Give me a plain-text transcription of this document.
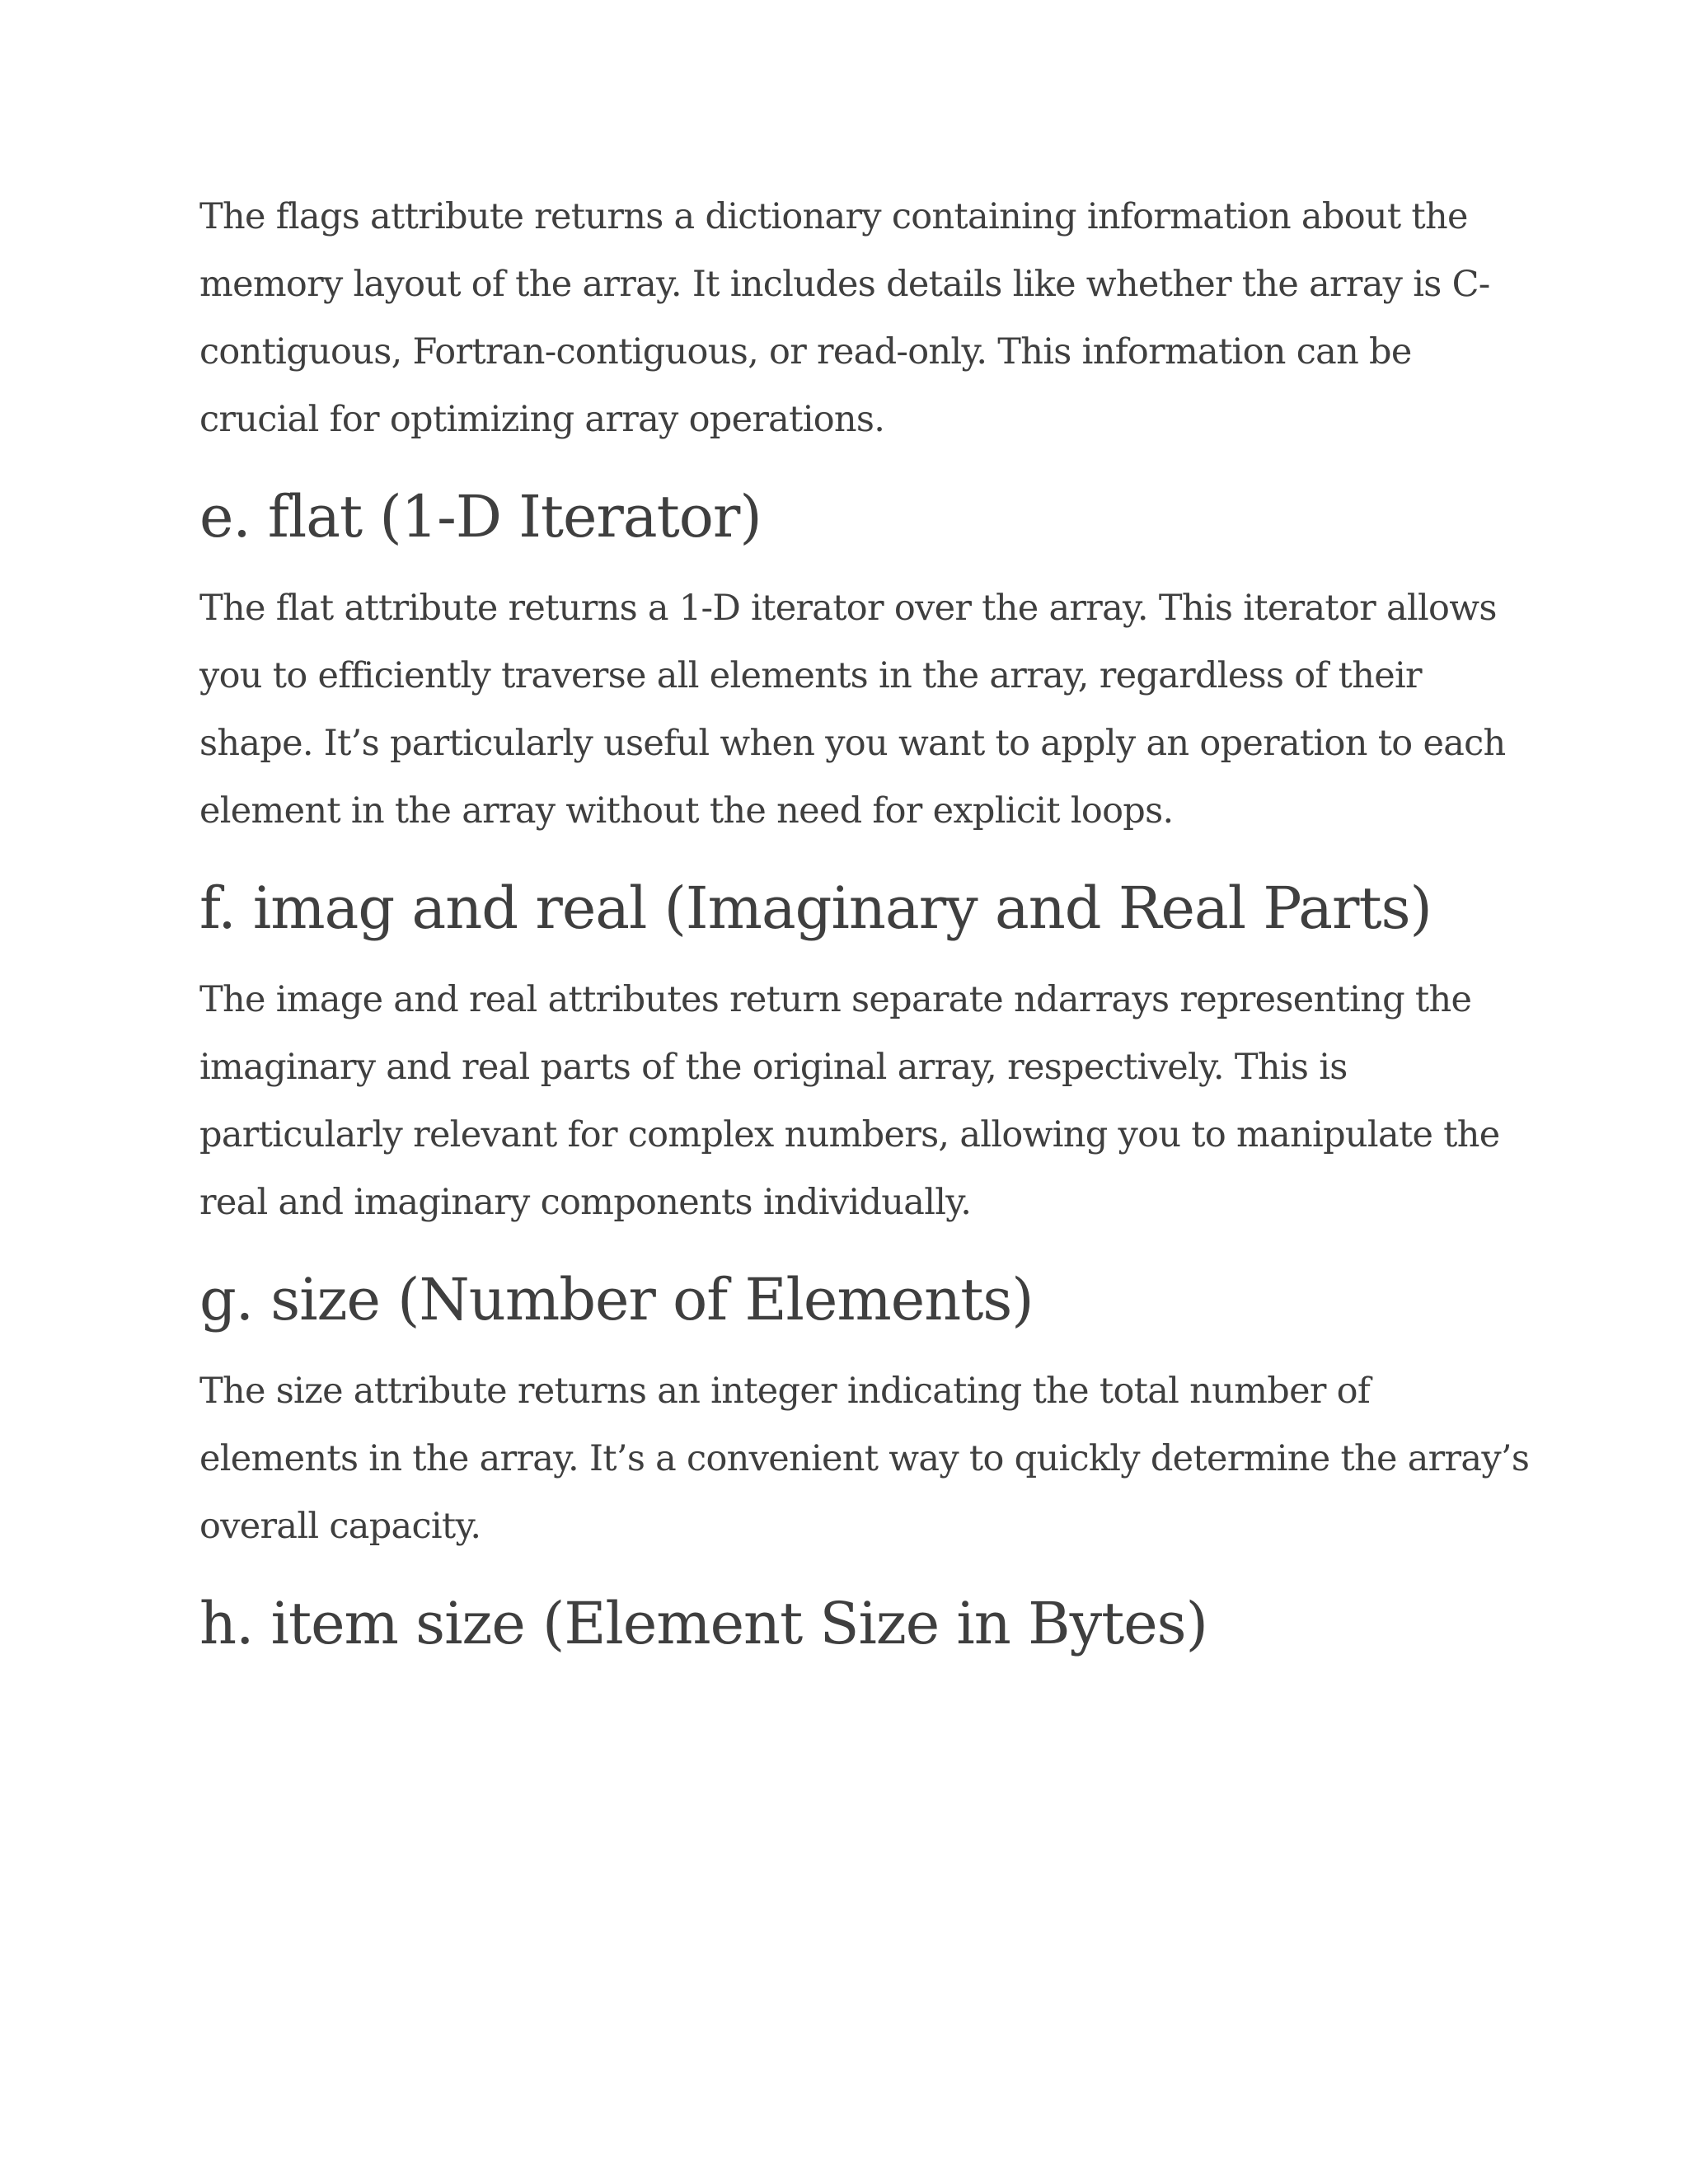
The flags attribute returns a dictionary containing information about the memory layout of the array. It includes details like whether the array is C-contiguous, Fortran-contiguous, or read-only. This information can be crucial for optimizing array operations.

e. flat (1-D Iterator)

The flat attribute returns a 1-D iterator over the array. This iterator allows you to efficiently traverse all elements in the array, regardless of their shape. It’s particularly useful when you want to apply an operation to each element in the array without the need for explicit loops.

f. imag and real (Imaginary and Real Parts)

The image and real attributes return separate ndarrays representing the imaginary and real parts of the original array, respectively. This is particularly relevant for complex numbers, allowing you to manipulate the real and imaginary components individually.

g. size (Number of Elements)

The size attribute returns an integer indicating the total number of elements in the array. It’s a convenient way to quickly determine the array’s overall capacity.

h. item size (Element Size in Bytes)
